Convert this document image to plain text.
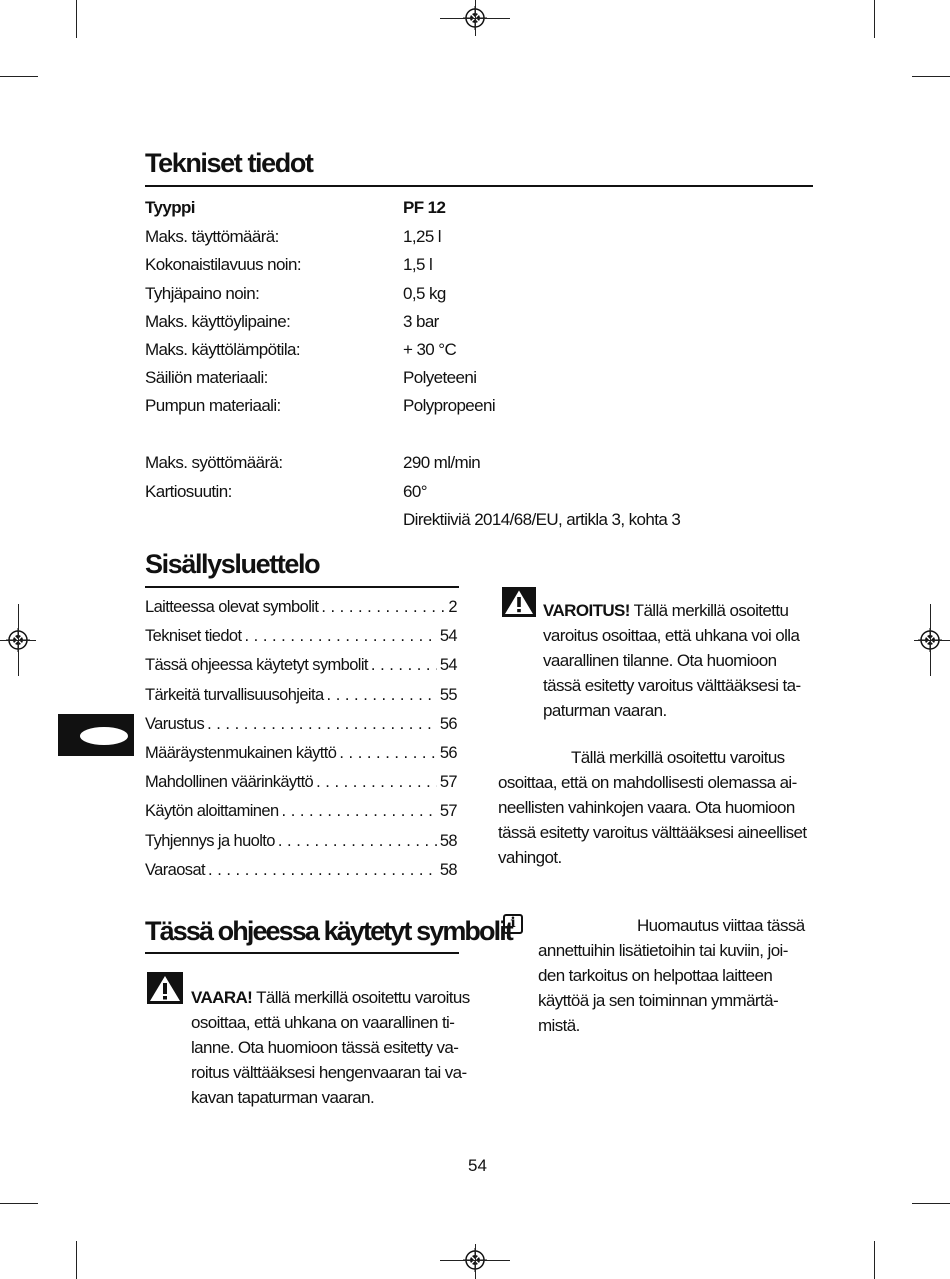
Tekniset tiedot
Tyyppi	PF 12
Maks. täyttömäärä:	1,25 l
Kokonaistilavuus noin:	1,5 l
Tyhjäpaino noin:	0,5 kg
Maks. käyttöylipaine:	3 bar
Maks. käyttölämpötila:	+ 30 °C
Säiliön materiaali:	Polyeteeni
Pumpun materiaali:	Polypropeeni
Maks. syöttömäärä:	290 ml/min
Kartiosuutin:	60°
Direktiiviä 2014/68/EU, artikla 3, kohta 3
Sisällysluettelo
Laitteessa olevat symbolit . . .	2
Tekniset tiedot . . .	54
Tässä ohjeessa käytetyt symbolit . . .	54
Tärkeitä turvallisuusohjeita . . .	55
Varustus . . .	56
Määräystenmukainen käyttö . . .	56
Mahdollinen väärinkäyttö . . .	57
Käytön aloittaminen . . .	57
Tyhjennys ja huolto . . .	58
Varaosat . . .	58
Tässä ohjeessa käytetyt symbolit
VAARA! Tällä merkillä osoitettu varoitus
osoittaa, että uhkana on vaarallinen ti-
lanne. Ota huomioon tässä esitetty va-
roitus välttääksesi hengenvaaran tai va-
kavan tapaturman vaaran.
VAROITUS! Tällä merkillä osoitettu
varoitus osoittaa, että uhkana voi olla
vaarallinen tilanne. Ota huomioon
tässä esitetty varoitus välttääksesi ta-
paturman vaaran.
Tällä merkillä osoitettu varoitus
osoittaa, että on mahdollisesti olemassa ai-
neellisten vahinkojen vaara. Ota huomioon
tässä esitetty varoitus välttääksesi aineelliset
vahingot.
i	Huomautus viittaa tässä
annettuihin lisätietoihin tai kuviin, joi-
den tarkoitus on helpottaa laitteen
käyttöä ja sen toiminnan ymmärtä-
mistä.
54
